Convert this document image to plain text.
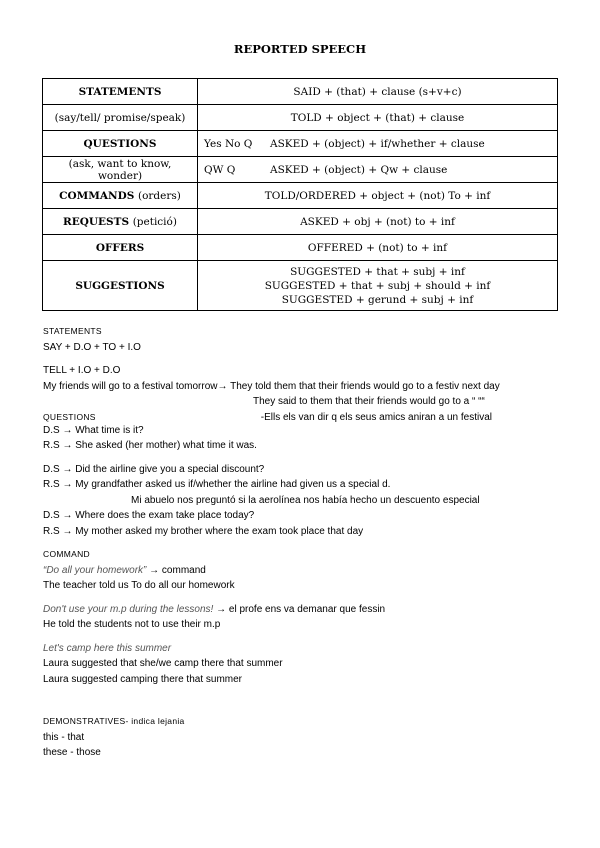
REPORTED SPEECH
STATEMENTS	SAID + (that) + clause (s+v+c)
(say/tell/ promise/speak)	TOLD + object + (that) + clause
QUESTIONS	Yes No Q ASKED + (object) + if/whether + clause
(ask, want to know, wonder)	QW Q ASKED + (object) + Qw + clause
COMMANDS (orders)	TOLD/ORDERED + object + (not) To + inf
REQUESTS (petició)	ASKED + obj + (not) to + inf
OFFERS	OFFERED + (not) to + inf
SUGGESTIONS	SUGGESTED + that + subj + inf
SUGGESTED + that + subj + should + inf
SUGGESTED + gerund + subj + inf
STATEMENTS
SAY + D.O + TO + I.O
TELL + I.O + D.O
My friends will go to a festival tomorrow→ They told them that their friends would go to a festiv next day
They said to them that their friends would go to a “ ““
QUESTIONS	-Ells els van dir q els seus amics aniran a un festival
D.S → What time is it?
R.S → She asked (her mother) what time it was.
D.S → Did the airline give you a special discount?
R.S → My grandfather asked us if/whether the airline had given us a special d.
Mi abuelo nos preguntó si la aerolínea nos había hecho un descuento especial
D.S → Where does the exam take place today?
R.S → My mother asked my brother where the exam took place that day
COMMAND
“Do all your homework” → command
The teacher told us To do all our homework
Don't use your m.p during the lessons! → el profe ens va demanar que fessin
He told the students not to use their m.p
Let's camp here this summer
Laura suggested that she/we camp there that summer
Laura suggested camping there that summer
DEMONSTRATIVES- indica lejania
this - that
these - those
